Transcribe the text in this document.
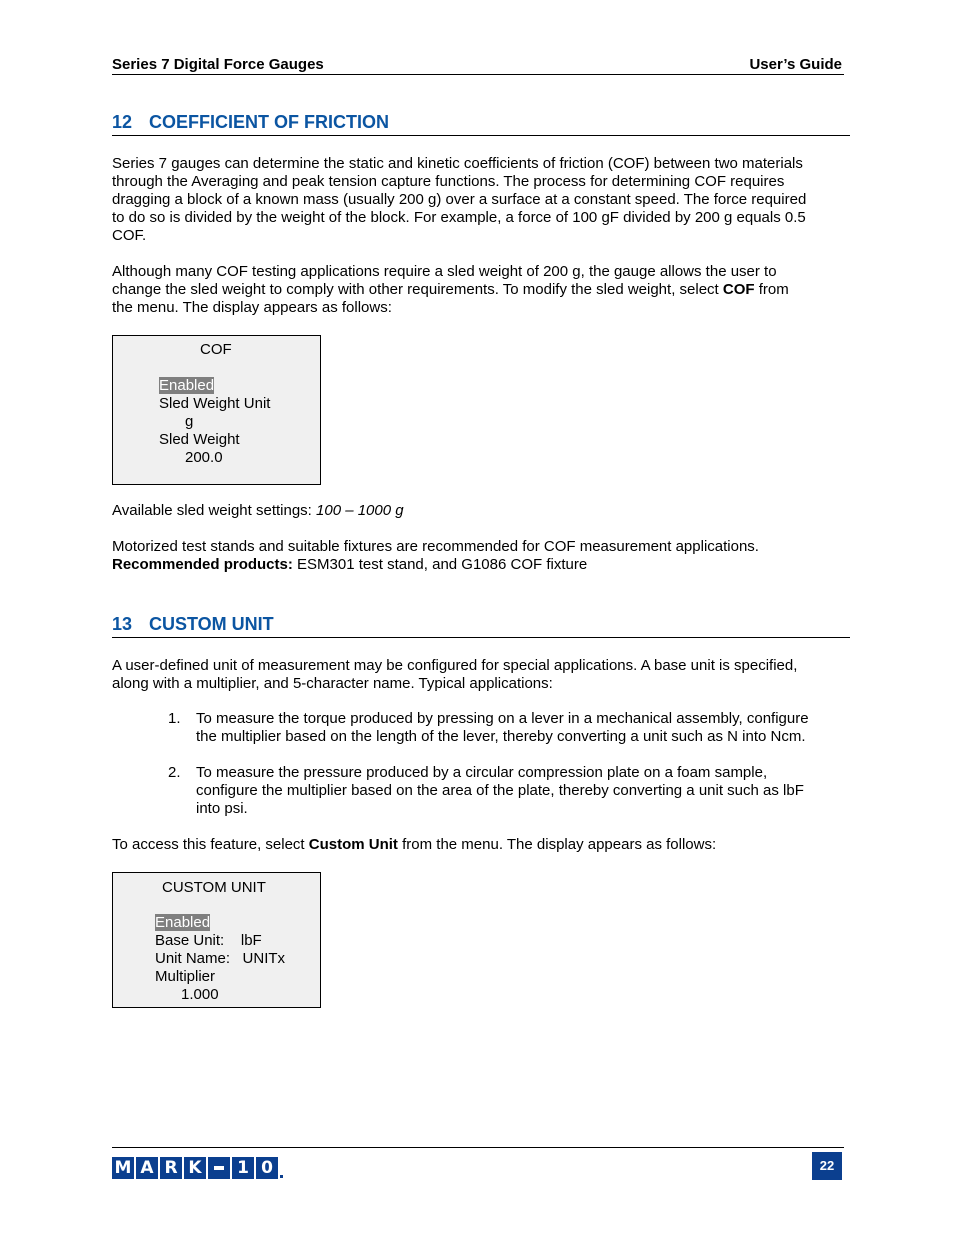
Series 7 Digital Force Gauges	User’s Guide
12 COEFFICIENT OF FRICTION
Series 7 gauges can determine the static and kinetic coefficients of friction (COF) between two materials
through the Averaging and peak tension capture functions. The process for determining COF requires
dragging a block of a known mass (usually 200 g) over a surface at a constant speed. The force required
to do so is divided by the weight of the block. For example, a force of 100 gF divided by 200 g equals 0.5
COF.
Although many COF testing applications require a sled weight of 200 g, the gauge allows the user to
change the sled weight to comply with other requirements. To modify the sled weight, select COF from
the menu. The display appears as follows:
COF
Enabled
Sled Weight Unit
g
Sled Weight
200.0
Available sled weight settings: 100 – 1000 g
Motorized test stands and suitable fixtures are recommended for COF measurement applications.
Recommended products: ESM301 test stand, and G1086 COF fixture
13 CUSTOM UNIT
A user-defined unit of measurement may be configured for special applications. A base unit is specified,
along with a multiplier, and 5-character name. Typical applications:
1. To measure the torque produced by pressing on a lever in a mechanical assembly, configure
the multiplier based on the length of the lever, thereby converting a unit such as N into Ncm.
2. To measure the pressure produced by a circular compression plate on a foam sample,
configure the multiplier based on the area of the plate, thereby converting a unit such as lbF
into psi.
To access this feature, select Custom Unit from the menu. The display appears as follows:
CUSTOM UNIT
Enabled
Base Unit:    lbF
Unit Name:   UNITx
Multiplier
1.000
M A R K 1 0	22
